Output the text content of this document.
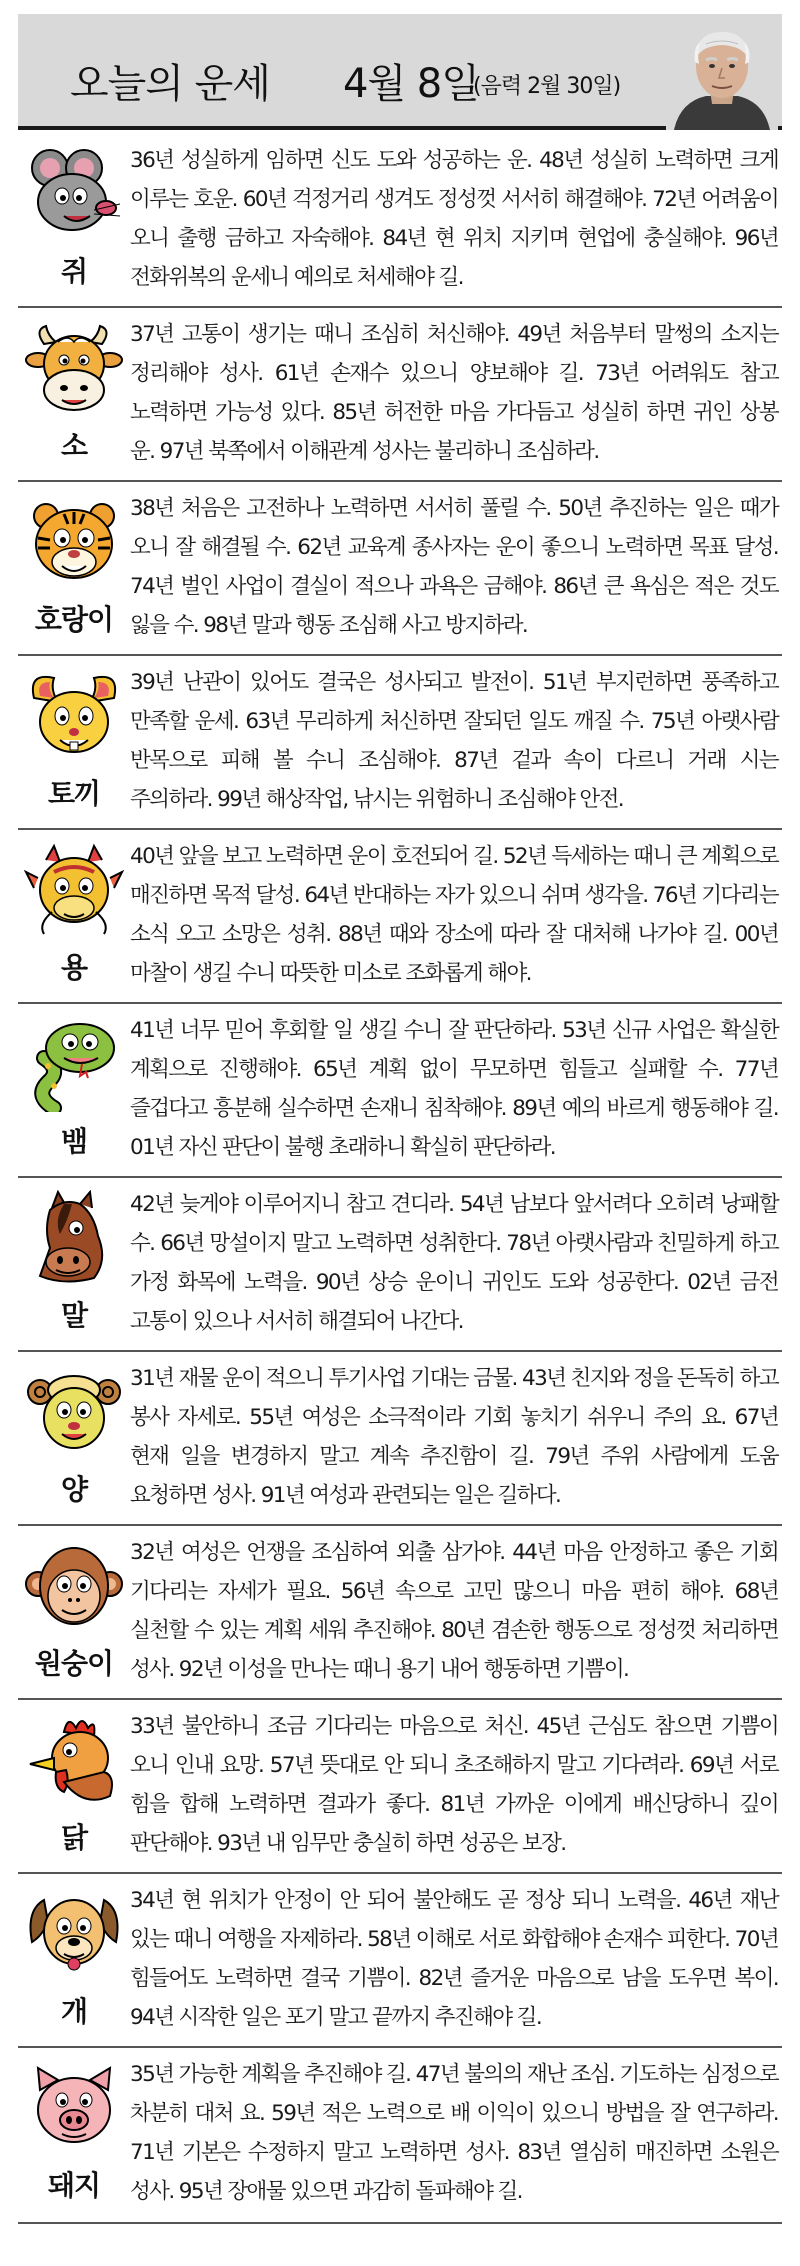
오늘의 운세 4월 8일
(음력 2월 30일)
쥐
36년 성실하게 임하면 신도 도와 성공하는 운. 48년 성실히 노력하면 크게 이루는 호운. 60년 걱정거리 생겨도 정성껏 서서히 해결해야. 72년 어려움이 오니 출행 금하고 자숙해야. 84년 현 위치 지키며 현업에 충실해야. 96년 전화위복의 운세니 예의로 처세해야 길.
소
37년 고통이 생기는 때니 조심히 처신해야. 49년 처음부터 말썽의 소지는 정리해야 성사. 61년 손재수 있으니 양보해야 길. 73년 어려워도 참고 노력하면 가능성 있다. 85년 허전한 마음 가다듬고 성실히 하면 귀인 상봉 운. 97년 북쪽에서 이해관계 성사는 불리하니 조심하라.
호랑이
38년 처음은 고전하나 노력하면 서서히 풀릴 수. 50년 추진하는 일은 때가 오니 잘 해결될 수. 62년 교육계 종사자는 운이 좋으니 노력하면 목표 달성. 74년 벌인 사업이 결실이 적으나 과욕은 금해야. 86년 큰 욕심은 적은 것도 잃을 수. 98년 말과 행동 조심해 사고 방지하라.
토끼
39년 난관이 있어도 결국은 성사되고 발전이. 51년 부지런하면 풍족하고 만족할 운세. 63년 무리하게 처신하면 잘되던 일도 깨질 수. 75년 아랫사람 반목으로 피해 볼 수니 조심해야. 87년 겉과 속이 다르니 거래 시는 주의하라. 99년 해상작업, 낚시는 위험하니 조심해야 안전.
용
40년 앞을 보고 노력하면 운이 호전되어 길. 52년 득세하는 때니 큰 계획으로 매진하면 목적 달성. 64년 반대하는 자가 있으니 쉬며 생각을. 76년 기다리는 소식 오고 소망은 성취. 88년 때와 장소에 따라 잘 대처해 나가야 길. 00년 마찰이 생길 수니 따뜻한 미소로 조화롭게 해야.
뱀
41년 너무 믿어 후회할 일 생길 수니 잘 판단하라. 53년 신규 사업은 확실한 계획으로 진행해야. 65년 계획 없이 무모하면 힘들고 실패할 수. 77년 즐겁다고 흥분해 실수하면 손재니 침착해야. 89년 예의 바르게 행동해야 길. 01년 자신 판단이 불행 초래하니 확실히 판단하라.
말
42년 늦게야 이루어지니 참고 견디라. 54년 남보다 앞서려다 오히려 낭패할 수. 66년 망설이지 말고 노력하면 성취한다. 78년 아랫사람과 친밀하게 하고 가정 화목에 노력을. 90년 상승 운이니 귀인도 도와 성공한다. 02년 금전 고통이 있으나 서서히 해결되어 나간다.
양
31년 재물 운이 적으니 투기사업 기대는 금물. 43년 친지와 정을 돈독히 하고 봉사 자세로. 55년 여성은 소극적이라 기회 놓치기 쉬우니 주의 요. 67년 현재 일을 변경하지 말고 계속 추진함이 길. 79년 주위 사람에게 도움 요청하면 성사. 91년 여성과 관련되는 일은 길하다.
원숭이
32년 여성은 언쟁을 조심하여 외출 삼가야. 44년 마음 안정하고 좋은 기회 기다리는 자세가 필요. 56년 속으로 고민 많으니 마음 편히 해야. 68년 실천할 수 있는 계획 세워 추진해야. 80년 겸손한 행동으로 정성껏 처리하면 성사. 92년 이성을 만나는 때니 용기 내어 행동하면 기쁨이.
닭
33년 불안하니 조금 기다리는 마음으로 처신. 45년 근심도 참으면 기쁨이 오니 인내 요망. 57년 뜻대로 안 되니 초조해하지 말고 기다려라. 69년 서로 힘을 합해 노력하면 결과가 좋다. 81년 가까운 이에게 배신당하니 깊이 판단해야. 93년 내 임무만 충실히 하면 성공은 보장.
개
34년 현 위치가 안정이 안 되어 불안해도 곧 정상 되니 노력을. 46년 재난 있는 때니 여행을 자제하라. 58년 이해로 서로 화합해야 손재수 피한다. 70년 힘들어도 노력하면 결국 기쁨이. 82년 즐거운 마음으로 남을 도우면 복이. 94년 시작한 일은 포기 말고 끝까지 추진해야 길.
돼지
35년 가능한 계획을 추진해야 길. 47년 불의의 재난 조심. 기도하는 심정으로 차분히 대처 요. 59년 적은 노력으로 배 이익이 있으니 방법을 잘 연구하라. 71년 기본은 수정하지 말고 노력하면 성사. 83년 열심히 매진하면 소원은 성사. 95년 장애물 있으면 과감히 돌파해야 길.
